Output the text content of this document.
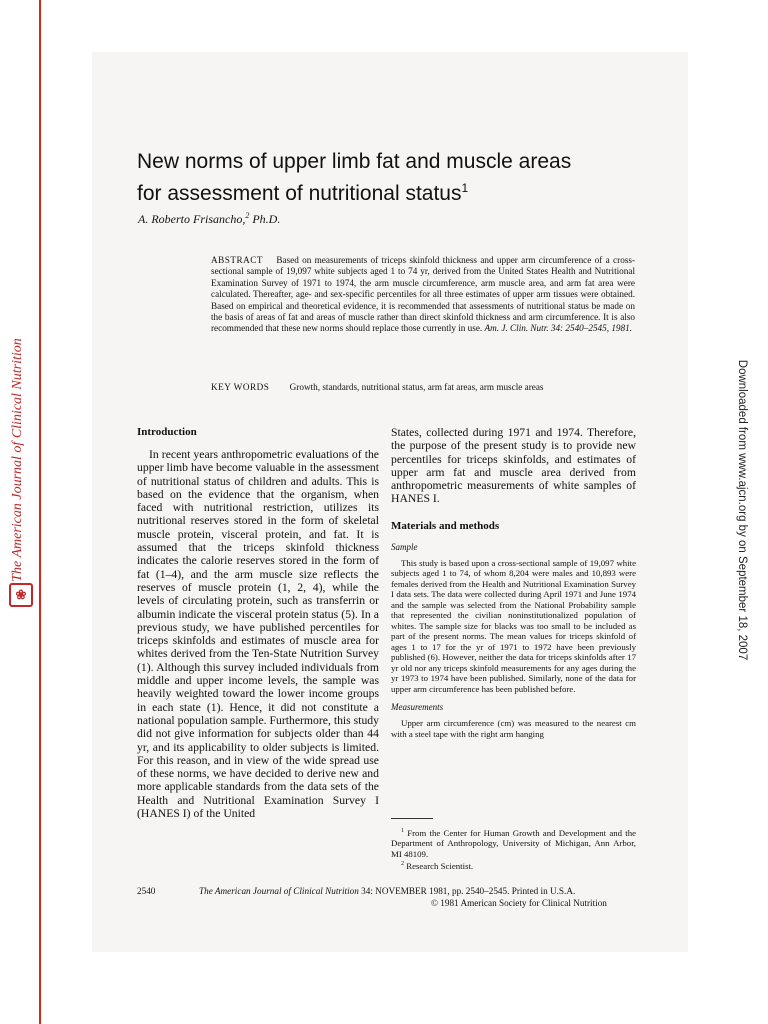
The American Journal of Clinical Nutrition
❀
New norms of upper limb fat and muscle areas
for assessment of nutritional status$^1$
A. Roberto Frisancho,$^2$ Ph.D.
ABSTRACT Based on measurements of triceps skinfold thickness and upper arm circumference of a cross-sectional sample of 19,097 white subjects aged 1 to 74 yr, derived from the United States Health and Nutritional Examination Survey of 1971 to 1974, the arm muscle circumference, arm muscle area, and arm fat area were calculated. Thereafter, age- and sex-specific percentiles for all three estimates of upper arm tissues were obtained. Based on empirical and theoretical evidence, it is recommended that assessments of nutritional status be made on the basis of areas of fat and areas of muscle rather than direct skinfold thickness and arm circumference. It is also recommended that these new norms should replace those currently in use. Am. J. Clin. Nutr. 34: 2540–2545, 1981.
KEY WORDS Growth, standards, nutritional status, arm fat areas, arm muscle areas
Introduction

In recent years anthropometric evaluations of the upper limb have become valuable in the assessment of nutritional status of children and adults. This is based on the evidence that the organism, when faced with nutritional restriction, utilizes its nutritional reserves stored in the form of skeletal muscle protein, visceral protein, and fat. It is assumed that the triceps skinfold thickness indicates the calorie reserves stored in the form of fat (1–4), and the arm muscle size reflects the reserves of muscle protein (1, 2, 4), while the levels of circulating protein, such as transferrin or albumin indicate the visceral protein status (5). In a previous study, we have published percentiles for triceps skinfolds and estimates of muscle area for whites derived from the Ten-State Nutrition Survey (1). Although this survey included individuals from middle and upper income levels, the sample was heavily weighted toward the lower income groups in each state (1). Hence, it did not constitute a national population sample. Furthermore, this study did not give information for subjects older than 44 yr, and its applicability to older subjects is limited. For this reason, and in view of the wide spread use of these norms, we have decided to derive new and more applicable standards from the data sets of the Health and Nutritional Examination Survey I (HANES I) of the United

States, collected during 1971 and 1974. Therefore, the purpose of the present study is to provide new percentiles for triceps skinfolds, and estimates of upper arm fat and muscle area derived from anthropometric measurements of white samples of HANES I.

Materials and methods
Sample

This study is based upon a cross-sectional sample of 19,097 white subjects aged 1 to 74, of whom 8,204 were males and 10,893 were females derived from the Health and Nutritional Examination Survey I data sets. The data were collected during April 1971 and June 1974 and the sample was selected from the National Probability sample that represented the civilian noninstitutionalized population of whites. The sample size for blacks was too small to be included as part of the present norms. The mean values for triceps skinfold of ages 1 to 17 for the yr of 1971 to 1972 have been previously published (6). However, neither the data for triceps skinfolds after 17 yr old nor any triceps skinfold measurements for any ages during the yr 1973 to 1974 have been published. Similarly, none of the data for upper arm circumference has been published before.

Measurements

Upper arm circumference (cm) was measured to the nearest cm with a steel tape with the right arm hanging

$^1$ From the Center for Human Growth and Development and the Department of Anthropology, University of Michigan, Ann Arbor, MI 48109.

$^2$ Research Scientist.

2540	The American Journal of Clinical Nutrition 34: NOVEMBER 1981, pp. 2540–2545. Printed in U.S.A.
© 1981 American Society for Clinical Nutrition
Downloaded from www.ajcn.org by on September 18, 2007
